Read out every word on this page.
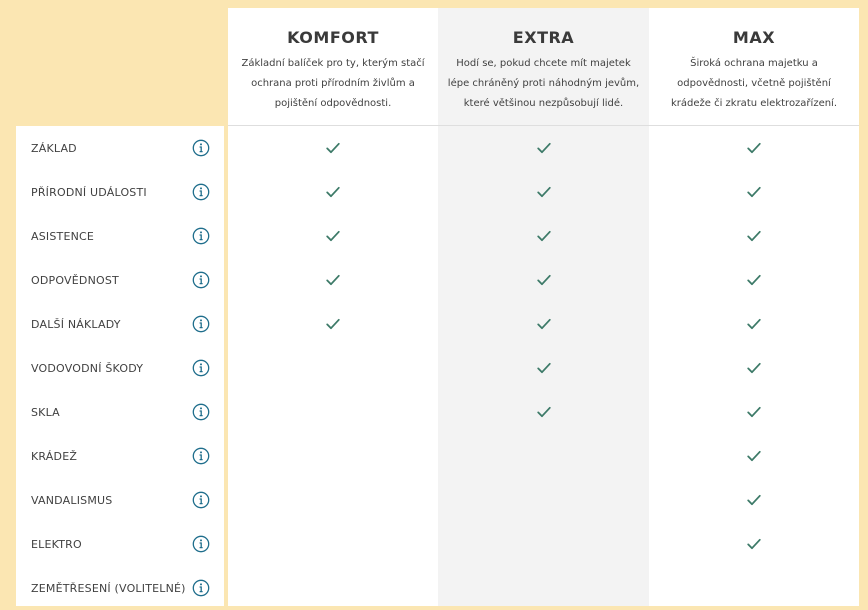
KOMFORT
Základní balíček pro ty, kterým stačí ochrana proti přírodním živlům a pojištění odpovědnosti.
EXTRA
Hodí se, pokud chcete mít majetek lépe chráněný proti náhodným jevům, které většinou nezpůsobují lidé.
MAX
Široká ochrana majetku a odpovědnosti, včetně pojištění krádeže či zkratu elektrozařízení.
ZÁKLAD
PŘÍRODNÍ UDÁLOSTI
ASISTENCE
ODPOVĚDNOST
DALŠÍ NÁKLADY
VODOVODNÍ ŠKODY
SKLA
KRÁDEŽ
VANDALISMUS
ELEKTRO
ZEMĚTŘESENÍ (VOLITELNÉ)
